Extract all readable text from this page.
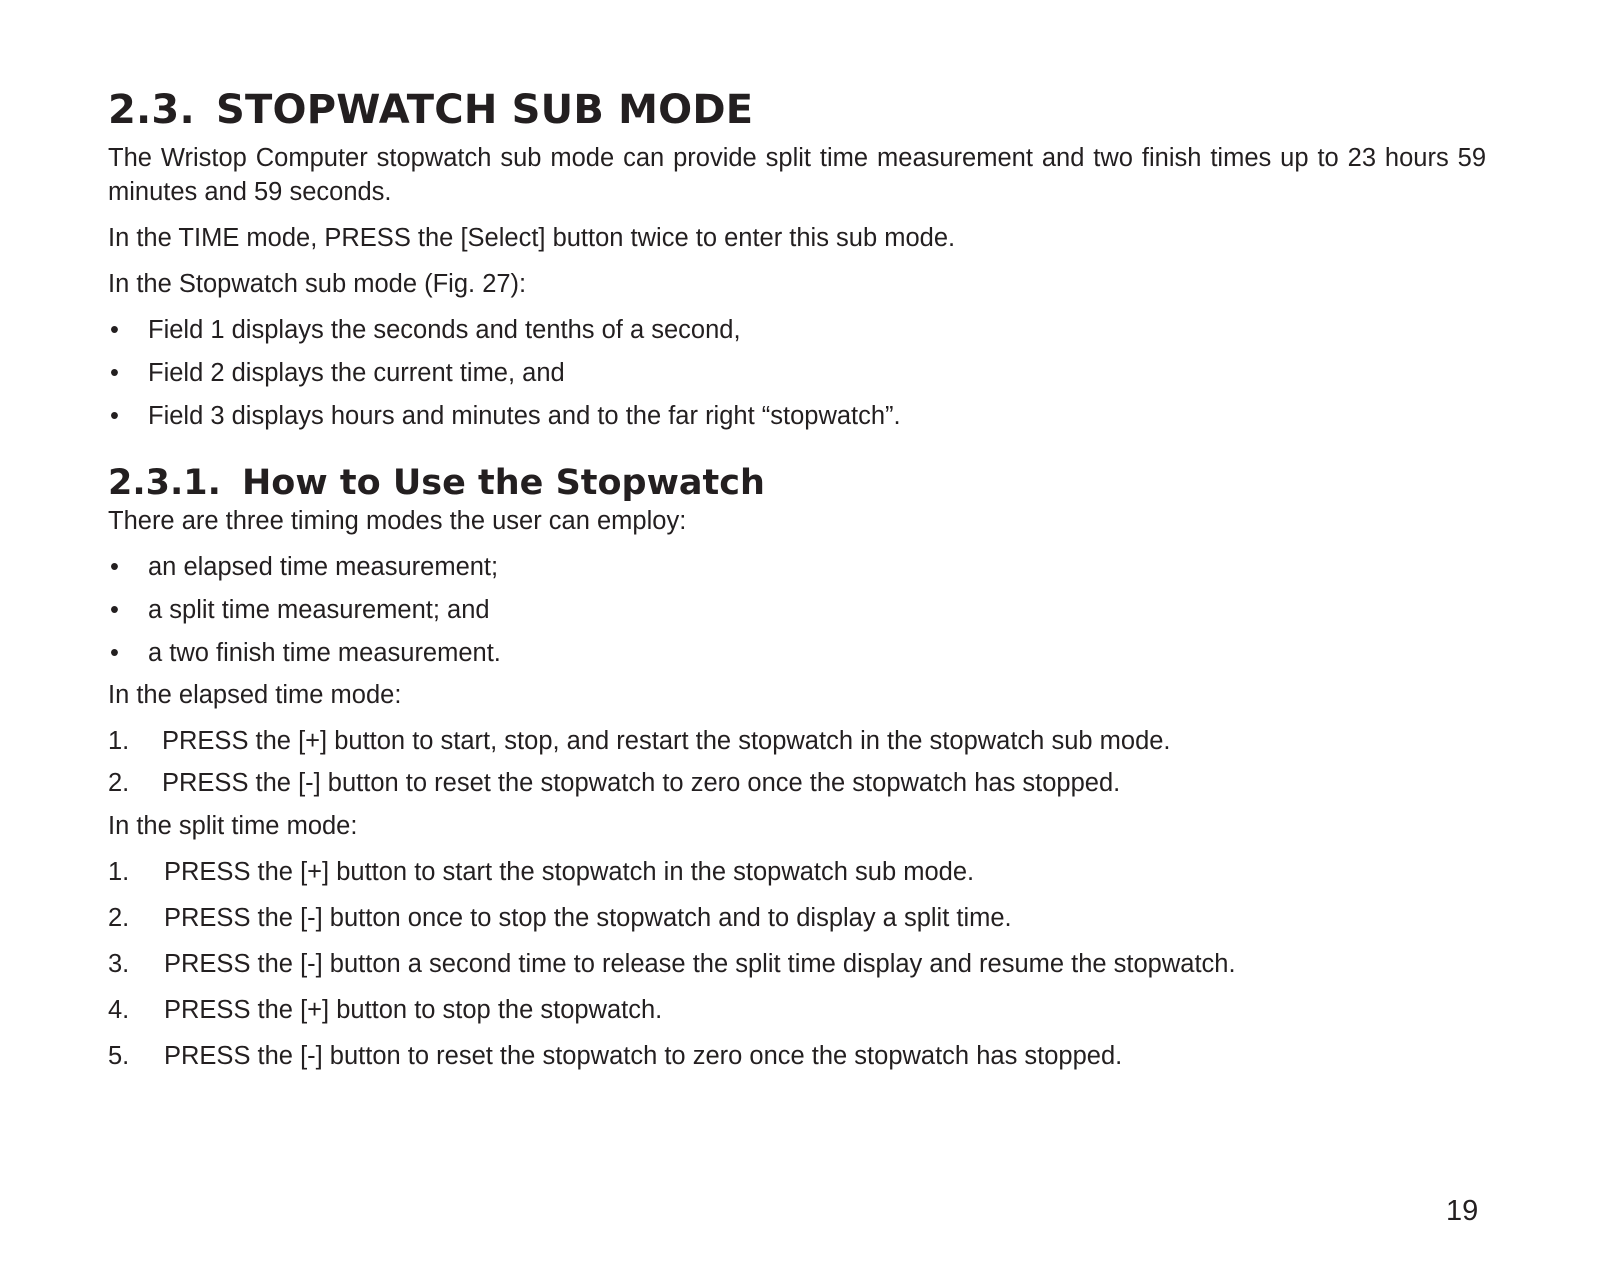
2.3. STOPWATCH SUB MODE

The Wristop Computer stopwatch sub mode can provide split time measurement and two finish times up to 23 hours 59 minutes and 59 seconds.

In the TIME mode, PRESS the [Select] button twice to enter this sub mode.

In the Stopwatch sub mode (Fig. 27):

• Field 1 displays the seconds and tenths of a second,
• Field 2 displays the current time, and
• Field 3 displays hours and minutes and to the far right “stopwatch”.
2.3.1. How to Use the Stopwatch

There are three timing modes the user can employ:

• an elapsed time measurement;
• a split time measurement; and
• a two finish time measurement.

In the elapsed time mode:

1. PRESS the [+] button to start, stop, and restart the stopwatch in the stopwatch sub mode.
2. PRESS the [-] button to reset the stopwatch to zero once the stopwatch has stopped.

In the split time mode:

1. PRESS the [+] button to start the stopwatch in the stopwatch sub mode.
2. PRESS the [-] button once to stop the stopwatch and to display a split time.
3. PRESS the [-] button a second time to release the split time display and resume the stopwatch.
4. PRESS the [+] button to stop the stopwatch.
5. PRESS the [-] button to reset the stopwatch to zero once the stopwatch has stopped.

19
